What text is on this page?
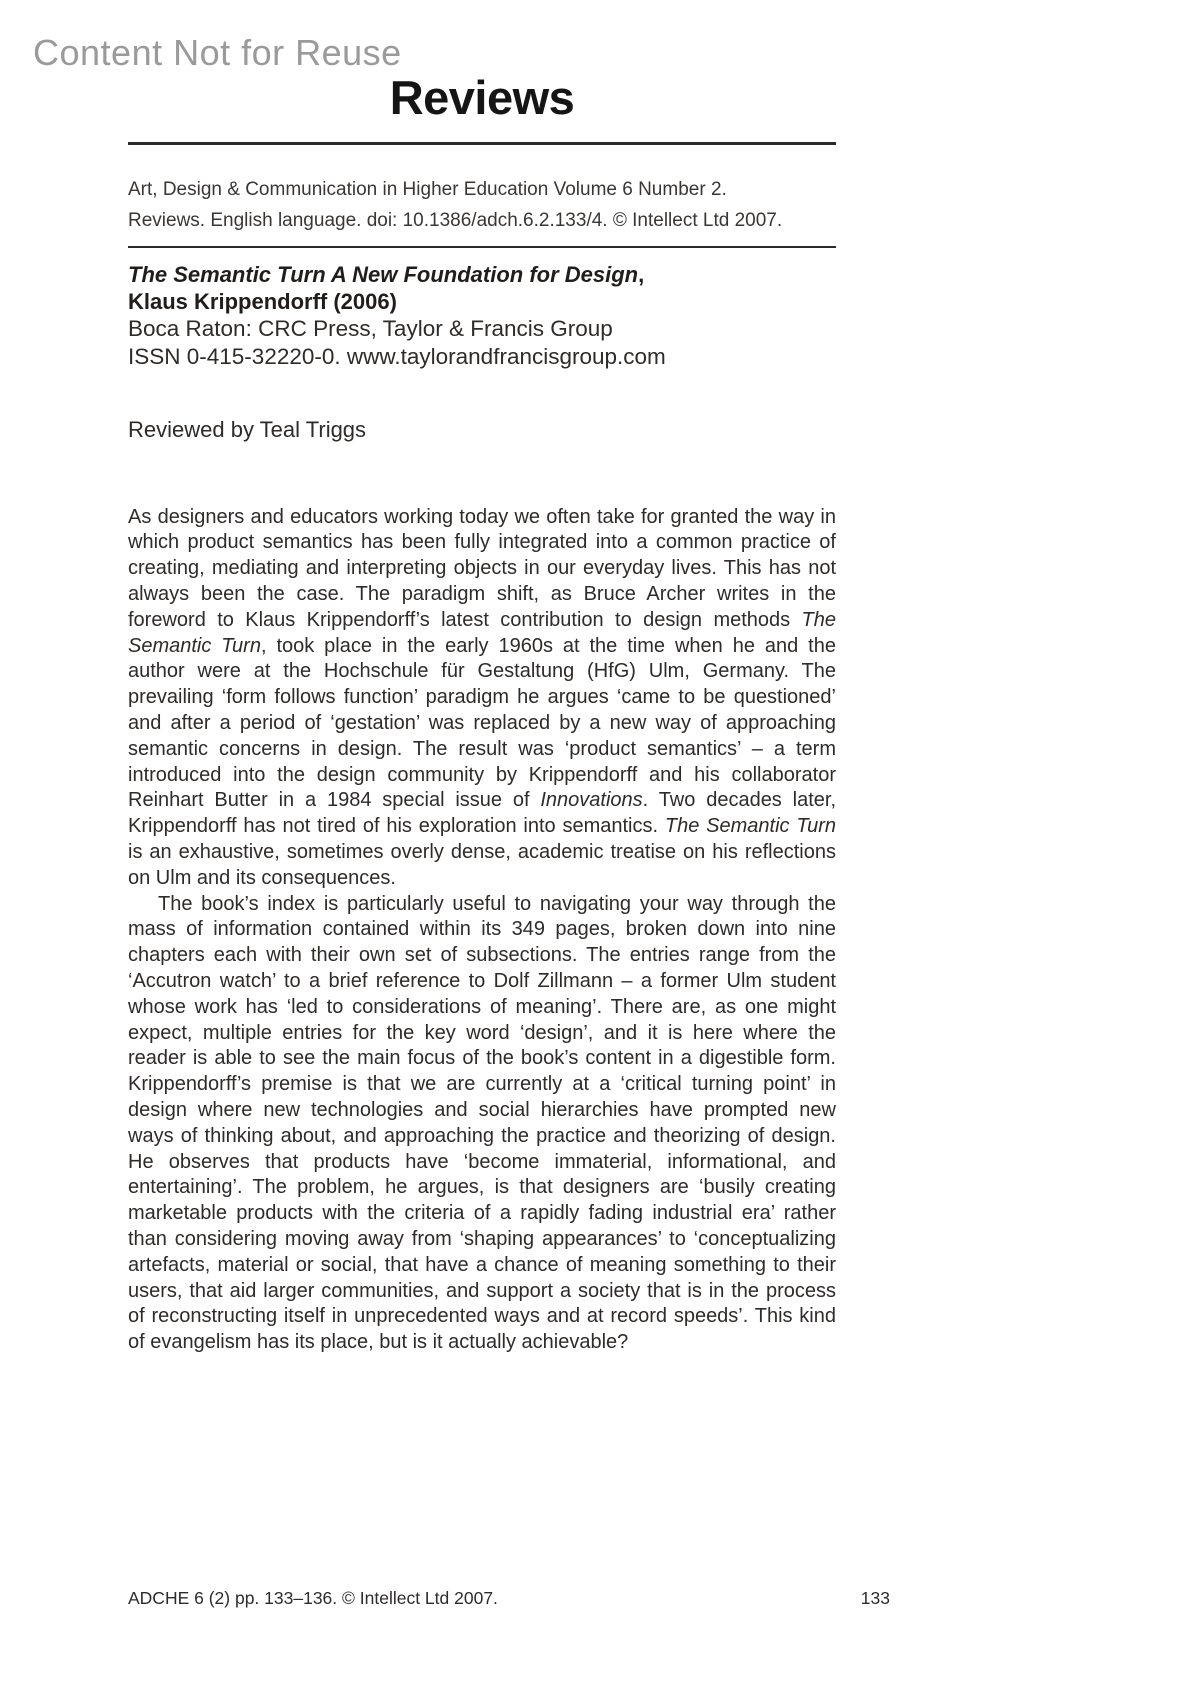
Content Not for Reuse
Reviews
Art, Design & Communication in Higher Education Volume 6 Number 2.
Reviews. English language. doi: 10.1386/adch.6.2.133/4. © Intellect Ltd 2007.
The Semantic Turn A New Foundation for Design,
Klaus Krippendorff (2006)
Boca Raton: CRC Press, Taylor & Francis Group
ISSN 0-415-32220-0. www.taylorandfrancisgroup.com
Reviewed by Teal Triggs

As designers and educators working today we often take for granted the way in which product semantics has been fully integrated into a common practice of creating, mediating and interpreting objects in our everyday lives. This has not always been the case. The paradigm shift, as Bruce Archer writes in the foreword to Klaus Krippendorff’s latest contribution to design methods The Semantic Turn, took place in the early 1960s at the time when he and the author were at the Hochschule für Gestaltung (HfG) Ulm, Germany. The prevailing ‘form follows function’ paradigm he argues ‘came to be questioned’ and after a period of ‘gestation’ was replaced by a new way of approaching semantic concerns in design. The result was ‘product semantics’ – a term introduced into the design community by Krippendorff and his collaborator Reinhart Butter in a 1984 special issue of Innovations. Two decades later, Krippendorff has not tired of his exploration into semantics. The Semantic Turn is an exhaustive, sometimes overly dense, academic treatise on his reflections on Ulm and its consequences.

The book’s index is particularly useful to navigating your way through the mass of information contained within its 349 pages, broken down into nine chapters each with their own set of subsections. The entries range from the ‘Accutron watch’ to a brief reference to Dolf Zillmann – a former Ulm student whose work has ‘led to considerations of meaning’. There are, as one might expect, multiple entries for the key word ‘design’, and it is here where the reader is able to see the main focus of the book’s content in a digestible form. Krippendorff’s premise is that we are currently at a ‘critical turning point’ in design where new technologies and social hierarchies have prompted new ways of thinking about, and approaching the practice and theorizing of design. He observes that products have ‘become immaterial, informational, and entertaining’. The problem, he argues, is that designers are ‘busily creating marketable products with the criteria of a rapidly fading industrial era’ rather than considering moving away from ‘shaping appearances’ to ‘conceptualizing artefacts, material or social, that have a chance of meaning something to their users, that aid larger communities, and support a society that is in the process of reconstructing itself in unprecedented ways and at record speeds’. This kind of evangelism has its place, but is it actually achievable?

ADCHE 6 (2) pp. 133–136. © Intellect Ltd 2007.	133
